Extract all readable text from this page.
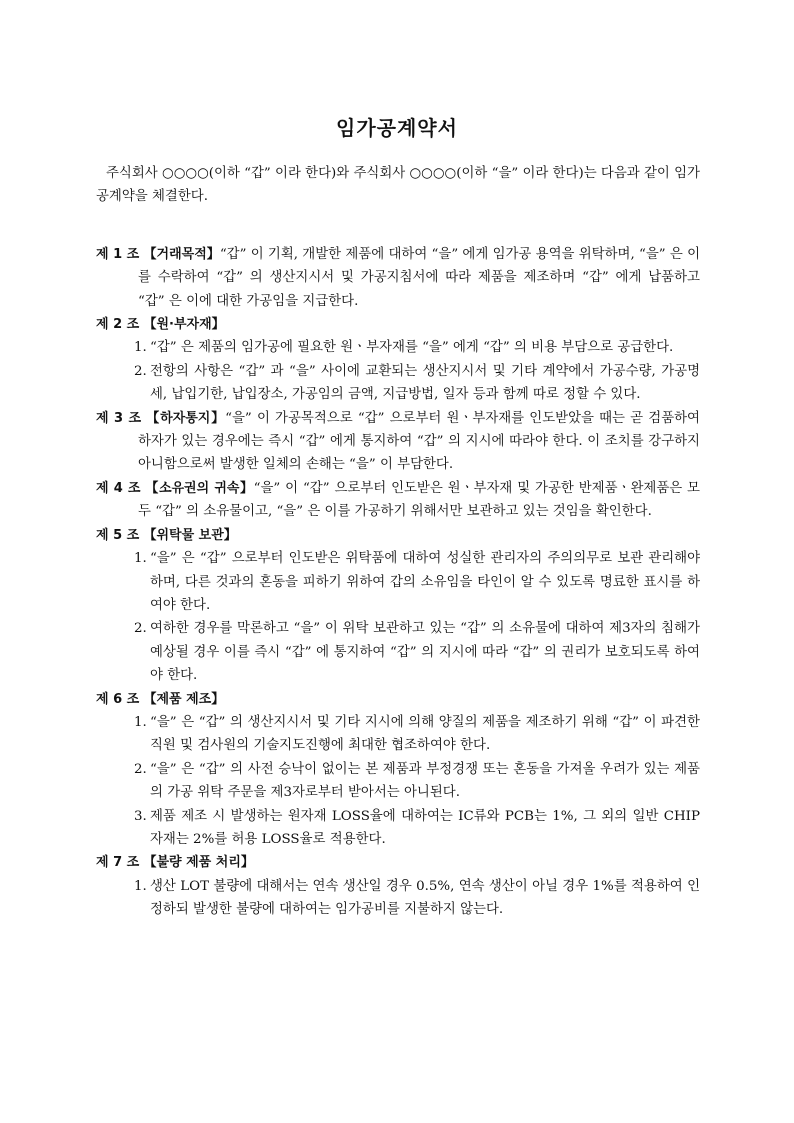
임가공계약서

주식회사 ○○○○(이하 “갑” 이라 한다)와 주식회사 ○○○○(이하 “을” 이라 한다)는 다음과 같이 임가공계약을 체결한다.

제 1 조 【거래목적】“갑” 이 기획, 개발한 제품에 대하여 “을” 에게 임가공 용역을 위탁하며, “을” 은 이를 수락하여 “갑” 의 생산지시서 및 가공지침서에 따라 제품을 제조하며 “갑” 에게 납품하고 “갑” 은 이에 대한 가공임을 지급한다.

제 2 조 【원·부자재】

1. “갑” 은 제품의 임가공에 필요한 원ㆍ부자재를 “을” 에게 “갑” 의 비용 부담으로 공급한다.

2. 전항의 사항은 “갑” 과 “을” 사이에 교환되는 생산지시서 및 기타 계약에서 가공수량, 가공명세, 납입기한, 납입장소, 가공임의 금액, 지급방법, 일자 등과 함께 따로 정할 수 있다.

제 3 조 【하자통지】“을” 이 가공목적으로 “갑” 으로부터 원ㆍ부자재를 인도받았을 때는 곧 검품하여 하자가 있는 경우에는 즉시 “갑” 에게 통지하여 “갑” 의 지시에 따라야 한다. 이 조치를 강구하지 아니함으로써 발생한 일체의 손해는 “을” 이 부담한다.

제 4 조 【소유권의 귀속】“을” 이 “갑” 으로부터 인도받은 원ㆍ부자재 및 가공한 반제품ㆍ완제품은 모두 “갑” 의 소유물이고, “을” 은 이를 가공하기 위해서만 보관하고 있는 것임을 확인한다.

제 5 조 【위탁물 보관】

1. “을” 은 “갑” 으로부터 인도받은 위탁품에 대하여 성실한 관리자의 주의의무로 보관 관리해야하며, 다른 것과의 혼동을 피하기 위하여 갑의 소유임을 타인이 알 수 있도록 명료한 표시를 하여야 한다.

2. 여하한 경우를 막론하고 “을” 이 위탁 보관하고 있는 “갑” 의 소유물에 대하여 제3자의 침해가 예상될 경우 이를 즉시 “갑” 에 통지하여 “갑” 의 지시에 따라 “갑” 의 권리가 보호되도록 하여야 한다.

제 6 조 【제품 제조】

1. “을” 은 “갑” 의 생산지시서 및 기타 지시에 의해 양질의 제품을 제조하기 위해 “갑” 이 파견한 직원 및 검사원의 기술지도진행에 최대한 협조하여야 한다.

2. “을” 은 “갑” 의 사전 승낙이 없이는 본 제품과 부정경쟁 또는 혼동을 가져올 우려가 있는 제품의 가공 위탁 주문을 제3자로부터 받아서는 아니된다.

3. 제품 제조 시 발생하는 원자재 LOSS율에 대하여는 IC류와 PCB는 1%, 그 외의 일반 CHIP 자재는 2%를 허용 LOSS율로 적용한다.

제 7 조 【불량 제품 처리】

1. 생산 LOT 불량에 대해서는 연속 생산일 경우 0.5%, 연속 생산이 아닐 경우 1%를 적용하여 인정하되 발생한 불량에 대하여는 임가공비를 지불하지 않는다.
